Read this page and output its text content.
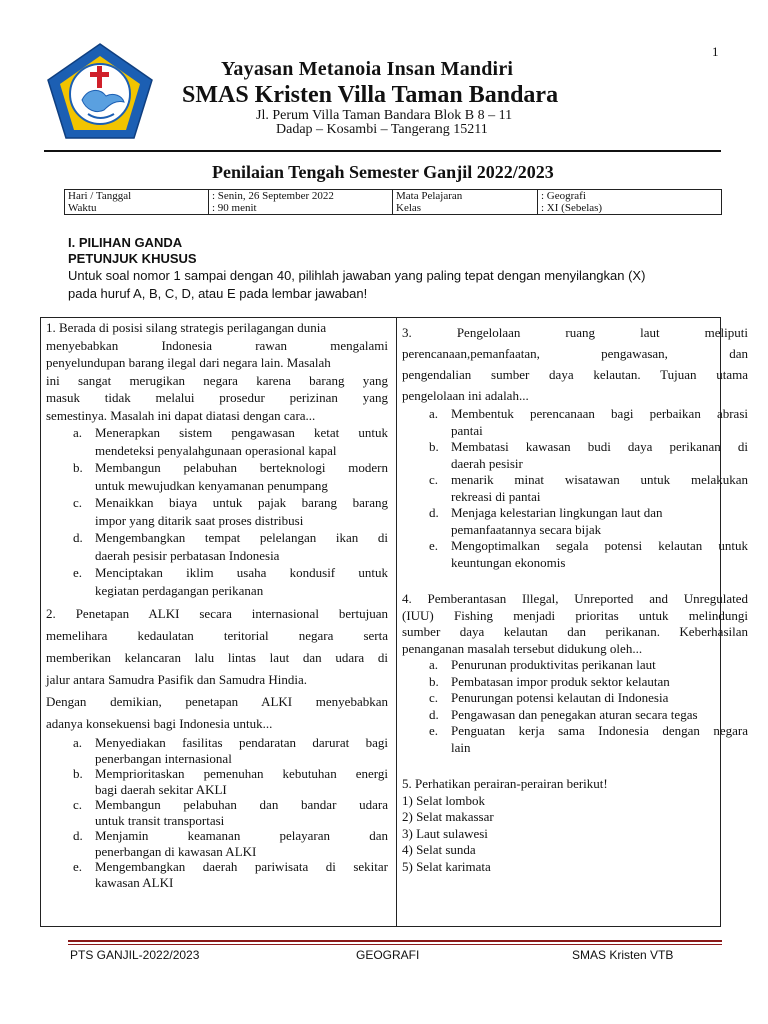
1
Yayasan Metanoia Insan Mandiri
SMAS Kristen Villa Taman Bandara
Jl. Perum Villa Taman Bandara Blok B 8 – 11
Dadap – Kosambi – Tangerang 15211
Penilaian Tengah Semester Ganjil 2022/2023
Hari / Tanggal	: Senin, 26 September 2022	Mata Pelajaran	: Geografi
Waktu	: 90 menit	Kelas	: XI (Sebelas)
I. PILIHAN GANDA
PETUNJUK KHUSUS
Untuk soal nomor 1 sampai dengan 40, pilihlah jawaban yang paling tepat dengan menyilangkan (X)
pada huruf A, B, C, D, atau E pada lembar jawaban!
1. Berada di posisi silang strategis perilagangan dunia
menyebabkan Indonesia rawan mengalami
penyelundupan barang ilegal dari negara lain. Masalah
ini sangat merugikan negara karena barang yang
masuk tidak melalui prosedur perizinan yang
semestinya. Masalah ini dapat diatasi dengan cara...
a. Menerapkan sistem pengawasan ketat untuk
mendeteksi penyalahgunaan operasional kapal
b. Membangun pelabuhan berteknologi modern
untuk mewujudkan kenyamanan penumpang
c. Menaikkan biaya untuk pajak barang barang
impor yang ditarik saat proses distribusi
d. Mengembangkan tempat pelelangan ikan di
daerah pesisir perbatasan Indonesia
e. Menciptakan iklim usaha kondusif untuk
kegiatan perdagangan perikanan
2. Penetapan ALKI secara internasional bertujuan
memelihara kedaulatan teritorial negara serta
memberikan kelancaran lalu lintas laut dan udara di
jalur antara Samudra Pasifik dan Samudra Hindia.
Dengan demikian, penetapan ALKI menyebabkan
adanya konsekuensi bagi Indonesia untuk...
a. Menyediakan fasilitas pendaratan darurat bagi
penerbangan internasional
b. Memprioritaskan pemenuhan kebutuhan energi
bagi daerah sekitar AKLI
c. Membangun pelabuhan dan bandar udara
untuk transit transportasi
d. Menjamin keamanan pelayaran dan
penerbangan di kawasan ALKI
e. Mengembangkan daerah pariwisata di sekitar
kawasan ALKI
3. Pengelolaan ruang laut meliputi
perencanaan,pemanfaatan, pengawasan, dan
pengendalian sumber daya kelautan. Tujuan utama
pengelolaan ini adalah...
a. Membentuk perencanaan bagi perbaikan abrasi
pantai
b. Membatasi kawasan budi daya perikanan di
daerah pesisir
c. menarik minat wisatawan untuk melakukan
rekreasi di pantai
d. Menjaga kelestarian lingkungan laut dan
pemanfaatannya secara bijak
e. Mengoptimalkan segala potensi kelautan untuk
keuntungan ekonomis
4. Pemberantasan Illegal, Unreported and Unregulated
(IUU) Fishing menjadi prioritas untuk melindungi
sumber daya kelautan dan perikanan. Keberhasilan
penanganan masalah tersebut didukung oleh...
a. Penurunan produktivitas perikanan laut
b. Pembatasan impor produk sektor kelautan
c. Penurungan potensi kelautan di Indonesia
d. Pengawasan dan penegakan aturan secara tegas
e. Penguatan kerja sama Indonesia dengan negara
lain
5. Perhatikan perairan-perairan berikut!
1) Selat lombok
2) Selat makassar
3) Laut sulawesi
4) Selat sunda
5) Selat karimata
PTS GANJIL-2022/2023	GEOGRAFI	SMAS Kristen VTB
